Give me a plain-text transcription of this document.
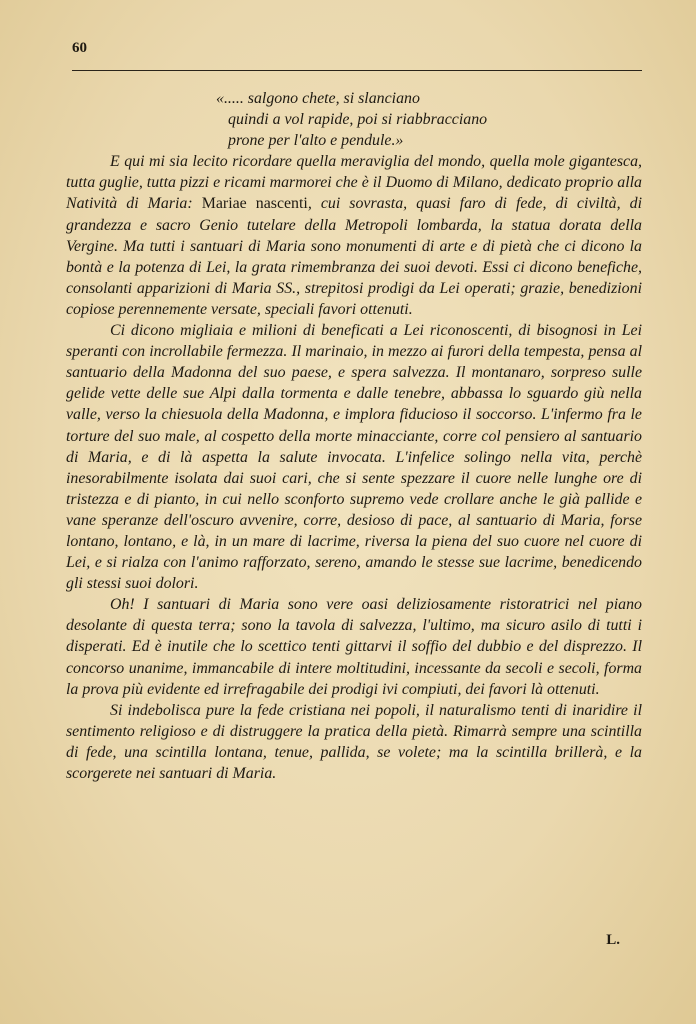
60
«..... salgono chete, si slanciano
quindi a vol rapide, poi si riabbracciano
prone per l'alto e pendule.»

E qui mi sia lecito ricordare quella meraviglia del mondo, quella mole gigantesca, tutta guglie, tutta pizzi e ricami marmorei che è il Duomo di Milano, dedicato proprio alla Natività di Maria: Mariae nascenti, cui sovrasta, quasi faro di fede, di civiltà, di grandezza e sacro Genio tutelare della Metropoli lombarda, la statua dorata della Vergine. Ma tutti i santuari di Maria sono monumenti di arte e di pietà che ci dicono la bontà e la potenza di Lei, la grata rimembranza dei suoi devoti. Essi ci dicono benefiche, consolanti apparizioni di Maria SS., strepitosi prodigi da Lei operati; grazie, benedizioni copiose perennemente versate, speciali favori ottenuti.

Ci dicono migliaia e milioni di beneficati a Lei riconoscenti, di bisognosi in Lei speranti con incrollabile fermezza. Il marinaio, in mezzo ai furori della tempesta, pensa al santuario della Madonna del suo paese, e spera salvezza. Il montanaro, sorpreso sulle gelide vette delle sue Alpi dalla tormenta e dalle tenebre, abbassa lo sguardo giù nella valle, verso la chiesuola della Madonna, e implora fiducioso il soccorso. L'infermo fra le torture del suo male, al cospetto della morte minacciante, corre col pensiero al santuario di Maria, e di là aspetta la salute invocata. L'infelice solingo nella vita, perchè inesorabilmente isolata dai suoi cari, che si sente spezzare il cuore nelle lunghe ore di tristezza e di pianto, in cui nello sconforto supremo vede crollare anche le già pallide e vane speranze dell'oscuro avvenire, corre, desioso di pace, al santuario di Maria, forse lontano, lontano, e là, in un mare di lacrime, riversa la piena del suo cuore nel cuore di Lei, e si rialza con l'animo rafforzato, sereno, amando le stesse sue lacrime, benedicendo gli stessi suoi dolori.

Oh! I santuari di Maria sono vere oasi deliziosamente ristoratrici nel piano desolante di questa terra; sono la tavola di salvezza, l'ultimo, ma sicuro asilo di tutti i disperati. Ed è inutile che lo scettico tenti gittarvi il soffio del dubbio e del disprezzo. Il concorso unanime, immancabile di intere moltitudini, incessante da secoli e secoli, forma la prova più evidente ed irrefragabile dei prodigi ivi compiuti, dei favori là ottenuti.

Si indebolisca pure la fede cristiana nei popoli, il naturalismo tenti di inaridire il sentimento religioso e di distruggere la pratica della pietà. Rimarrà sempre una scintilla di fede, una scintilla lontana, tenue, pallida, se volete; ma la scintilla brillerà, e la scorgerete nei santuari di Maria.

L.
